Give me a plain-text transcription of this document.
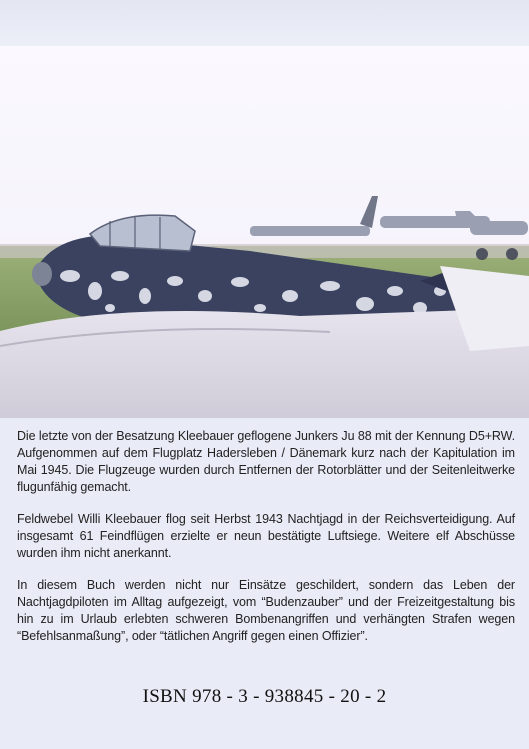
Die letzte von der Besatzung Kleebauer geflogene Junkers Ju 88 mit der Kennung D5+RW. Aufgenommen auf dem Flugplatz Hadersleben / Dänemark kurz nach der Kapitulation im Mai 1945. Die Flugzeuge wurden durch Entfernen der Rotorblätter und der Seitenleitwerke flugunfähig gemacht.

Feldwebel Willi Kleebauer flog seit Herbst 1943 Nachtjagd in der Reichsverteidigung. Auf insgesamt 61 Feindflügen erzielte er neun bestätigte Luftsiege. Weitere elf Abschüsse wurden ihm nicht anerkannt.

In diesem Buch werden nicht nur Einsätze geschildert, sondern das Leben der Nachtjagdpiloten im Alltag aufgezeigt, vom “Budenzauber” und der Freizeitgestaltung bis hin zu im Urlaub erlebten schweren Bombenangriffen und verhängten Strafen wegen “Befehlsanmaßung”, oder “tätlichen Angriff gegen einen Offizier”.

ISBN 978 - 3 - 938845 - 20 - 2
